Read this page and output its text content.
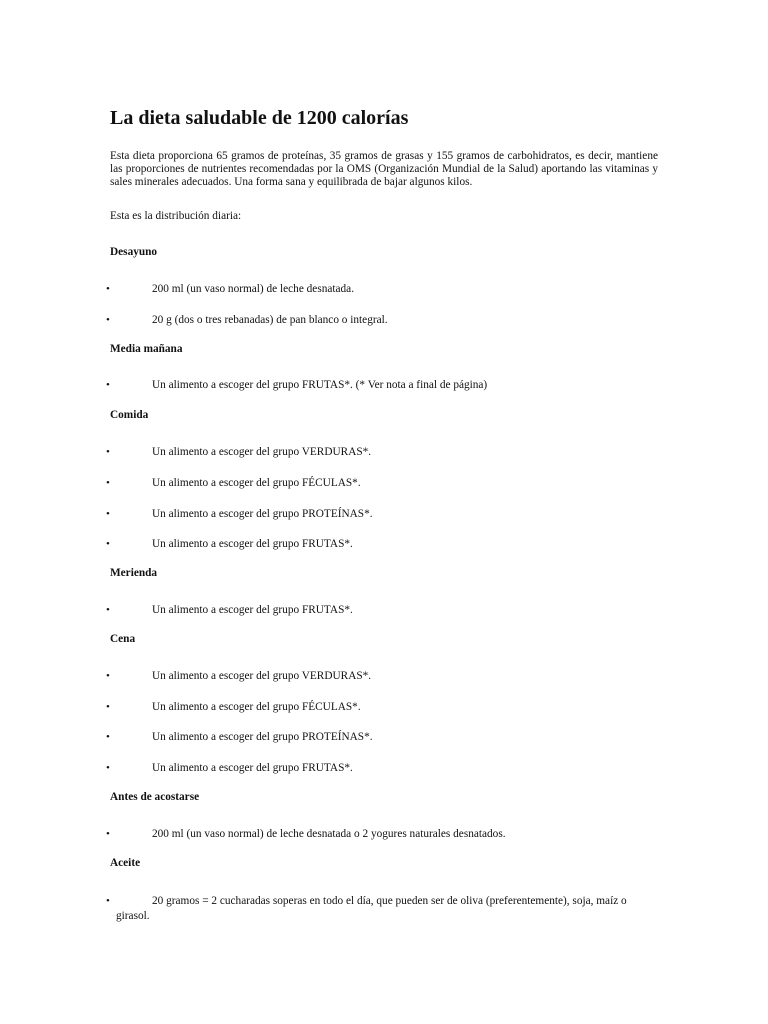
La dieta saludable de 1200 calorías

Esta dieta proporciona 65 gramos de proteínas, 35 gramos de grasas y 155 gramos de carbohidratos, es decir, mantiene las proporciones de nutrientes recomendadas por la OMS (Organización Mundial de la Salud) aportando las vitaminas y sales minerales adecuados. Una forma sana y equilibrada de bajar algunos kilos.

Esta es la distribución diaria:

Desayuno

•	200 ml (un vaso normal) de leche desnatada.
•	20 g (dos o tres rebanadas) de pan blanco o integral.

Media mañana

•	Un alimento a escoger del grupo FRUTAS*. (* Ver nota a final de página)

Comida

•	Un alimento a escoger del grupo VERDURAS*.
•	Un alimento a escoger del grupo FÉCULAS*.
•	Un alimento a escoger del grupo PROTEÍNAS*.
•	Un alimento a escoger del grupo FRUTAS*.

Merienda

•	Un alimento a escoger del grupo FRUTAS*.

Cena

•	Un alimento a escoger del grupo VERDURAS*.
•	Un alimento a escoger del grupo FÉCULAS*.
•	Un alimento a escoger del grupo PROTEÍNAS*.
•	Un alimento a escoger del grupo FRUTAS*.

Antes de acostarse

•	200 ml (un vaso normal) de leche desnatada o 2 yogures naturales desnatados.

Aceite

•	20 gramos = 2 cucharadas soperas en todo el día, que pueden ser de oliva (preferentemente), soja, maíz o girasol.
